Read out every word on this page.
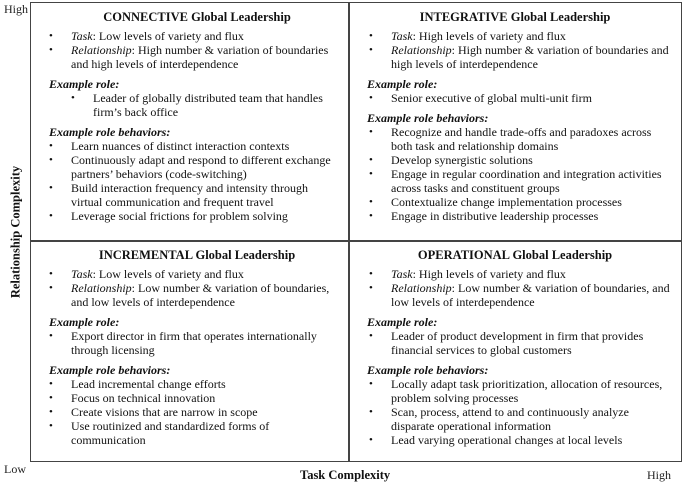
High
Low	High
Task Complexity
Relationship Complexity
CONNECTIVE Global Leadership
• Task: Low levels of variety and flux
• Relationship: High number & variation of boundaries and high levels of interdependence
Example role:
• Leader of globally distributed team that handles firm’s back office
Example role behaviors:
• Learn nuances of distinct interaction contexts
• Continuously adapt and respond to different exchange partners’ behaviors (code-switching)
• Build interaction frequency and intensity through virtual communication and frequent travel
• Leverage social frictions for problem solving
INTEGRATIVE Global Leadership
• Task: High levels of variety and flux
• Relationship: High number & variation of boundaries and high levels of interdependence
Example role:
• Senior executive of global multi-unit firm
Example role behaviors:
• Recognize and handle trade-offs and paradoxes across both task and relationship domains
• Develop synergistic solutions
• Engage in regular coordination and integration activities across tasks and constituent groups
• Contextualize change implementation processes
• Engage in distributive leadership processes
INCREMENTAL Global Leadership
• Task: Low levels of variety and flux
• Relationship: Low number & variation of boundaries, and low levels of interdependence
Example role:
• Export director in firm that operates internationally through licensing
Example role behaviors:
• Lead incremental change efforts
• Focus on technical innovation
• Create visions that are narrow in scope
• Use routinized and standardized forms of communication
OPERATIONAL Global Leadership
• Task: High levels of variety and flux
• Relationship: Low number & variation of boundaries, and low levels of interdependence
Example role:
• Leader of product development in firm that provides financial services to global customers
Example role behaviors:
• Locally adapt task prioritization, allocation of resources, problem solving processes
• Scan, process, attend to and continuously analyze disparate operational information
• Lead varying operational changes at local levels
